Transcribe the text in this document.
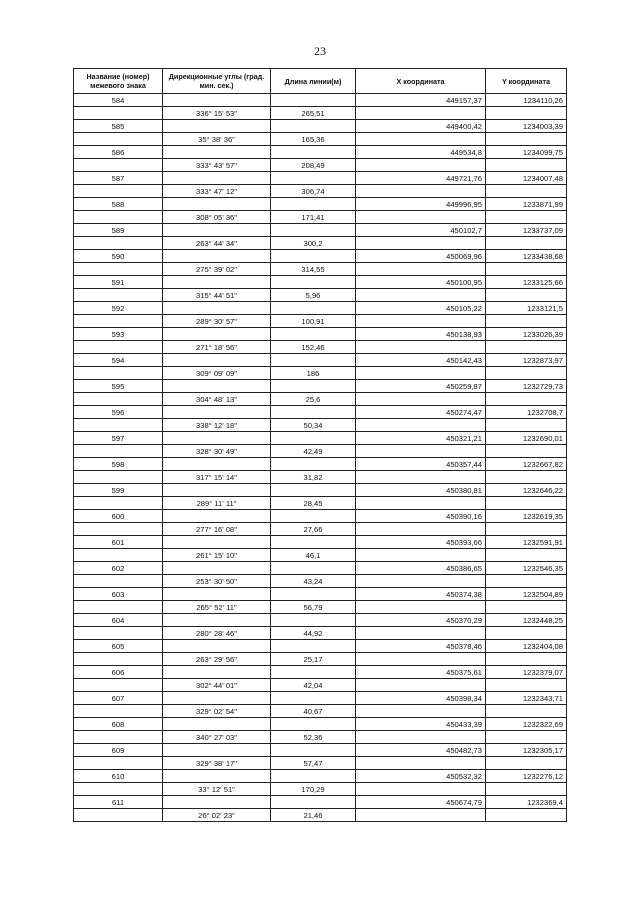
23
Название (номер) межевого знака	Дирекционные углы (град. мин. сек.)	Длина линии(м)	X координата	Y координата
584			449157,37	1234110,26
	336° 15' 53"	265,51		
585			449400,42	1234003,39
	35° 38' 36"	165,36		
586			449534,8	1234099,75
	333° 43' 57"	208,49		
587			449721,76	1234007,48
	333° 47' 12"	306,74		
588			449996,95	1233871,99
	308° 05' 36"	171,41		
589			450102,7	1233737,09
	263° 44' 34"	300,2		
590			450069,96	1233438,68
	275° 39' 02"	314,55		
591			450100,95	1233125,66
	315° 44' 51"	5,96		
592			450105,22	1233121,5
	289° 30' 57"	100,91		
593			450138,93	1233026,39
	271° 18' 56"	152,46		
594			450142,43	1232873,97
	309° 09' 09"	186		
595			450259,87	1232729,73
	304° 48' 13"	25,6		
596			450274,47	1232708,7
	338° 12' 18"	50,34		
597			450321,21	1232690,01
	328° 30' 49"	42,49		
598			450357,44	1232667,82
	317° 15' 14"	31,82		
599			450380,81	1232646,22
	289° 11' 11"	28,45		
600			450390,16	1232619,35
	277° 16' 08"	27,66		
601			450393,66	1232591,91
	261° 15' 10"	46,1		
602			450386,65	1232546,35
	253° 30' 50"	43,24		
603			450374,38	1232504,89
	265° 52' 11"	56,79		
604			450370,29	1232448,25
	280° 28' 46"	44,92		
605			450378,46	1232404,08
	263° 29' 56"	25,17		
606			450375,61	1232379,07
	302° 44' 01"	42,04		
607			450398,34	1232343,71
	329° 02' 54"	40,67		
608			450433,39	1232322,69
	340° 27' 03"	52,36		
609			450482,73	1232305,17
	329° 38' 17"	57,47		
610			450532,32	1232276,12
	33° 12' 51"	170,29		
611			450674,79	1232369,4
	26° 02' 23"	21,46		
